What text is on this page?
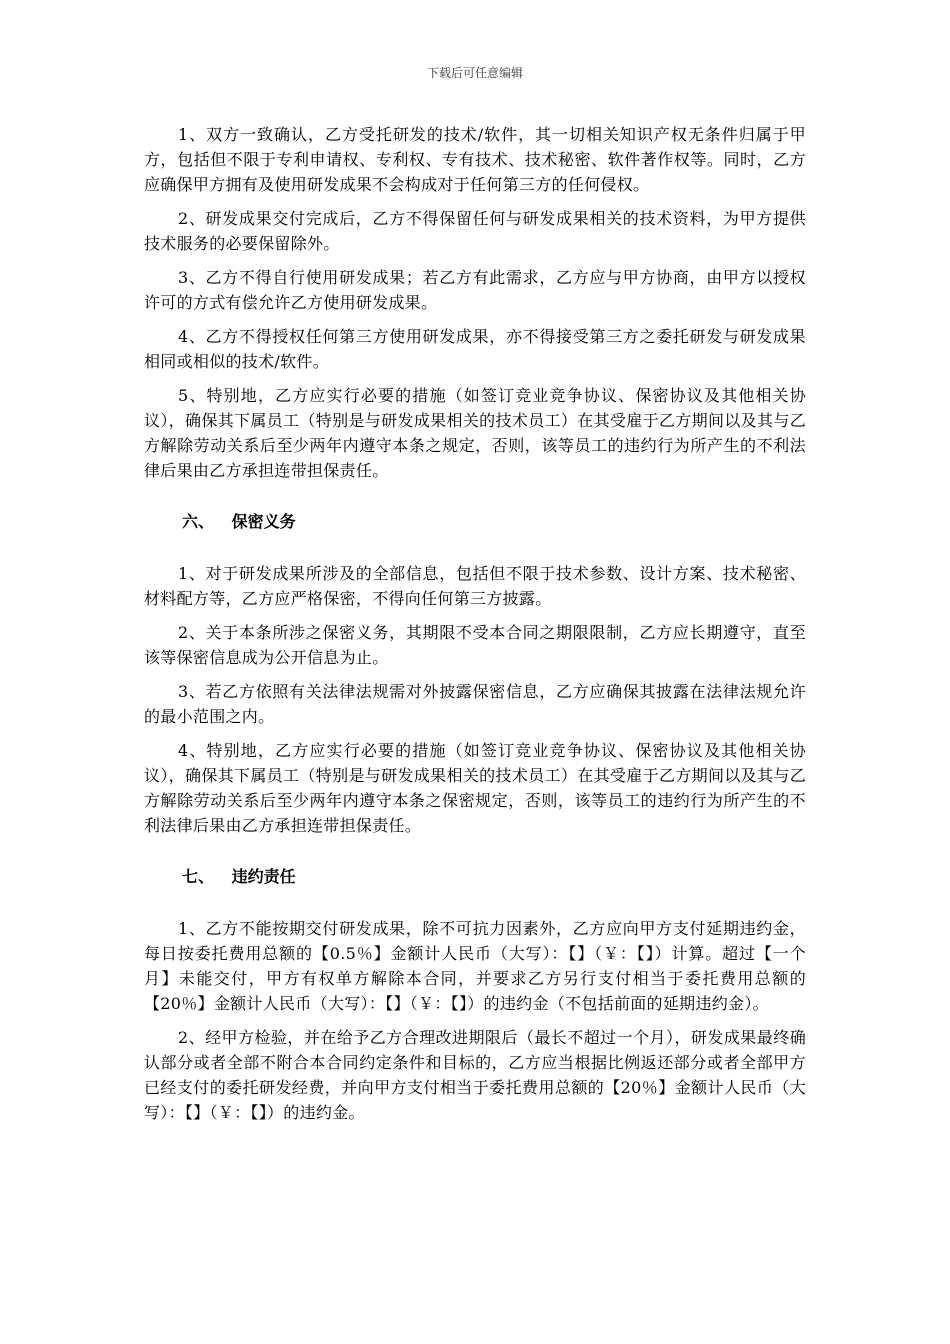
下载后可任意编辑

1、双方一致确认，乙方受托研发的技术/软件，其一切相关知识产权无条件归属于甲方，包括但不限于专利申请权、专利权、专有技术、技术秘密、软件著作权等。同时，乙方应确保甲方拥有及使用研发成果不会构成对于任何第三方的任何侵权。

2、研发成果交付完成后，乙方不得保留任何与研发成果相关的技术资料，为甲方提供技术服务的必要保留除外。

3、乙方不得自行使用研发成果；若乙方有此需求，乙方应与甲方协商，由甲方以授权许可的方式有偿允许乙方使用研发成果。

4、乙方不得授权任何第三方使用研发成果，亦不得接受第三方之委托研发与研发成果相同或相似的技术/软件。

5、特别地，乙方应实行必要的措施（如签订竞业竞争协议、保密协议及其他相关协议），确保其下属员工（特别是与研发成果相关的技术员工）在其受雇于乙方期间以及其与乙方解除劳动关系后至少两年内遵守本条之规定，否则，该等员工的违约行为所产生的不利法律后果由乙方承担连带担保责任。

六、 保密义务

1、对于研发成果所涉及的全部信息，包括但不限于技术参数、设计方案、技术秘密、材料配方等，乙方应严格保密，不得向任何第三方披露。

2、关于本条所涉之保密义务，其期限不受本合同之期限限制，乙方应长期遵守，直至该等保密信息成为公开信息为止。

3、若乙方依照有关法律法规需对外披露保密信息，乙方应确保其披露在法律法规允许的最小范围之内。

4、特别地，乙方应实行必要的措施（如签订竞业竞争协议、保密协议及其他相关协议），确保其下属员工（特别是与研发成果相关的技术员工）在其受雇于乙方期间以及其与乙方解除劳动关系后至少两年内遵守本条之保密规定，否则，该等员工的违约行为所产生的不利法律后果由乙方承担连带担保责任。

七、 违约责任

1、乙方不能按期交付研发成果，除不可抗力因素外，乙方应向甲方支付延期违约金，每日按委托费用总额的【0.5％】金额计人民币（大写）：【】（￥：【】）计算。超过【一个月】未能交付，甲方有权单方解除本合同，并要求乙方另行支付相当于委托费用总额的【20％】金额计人民币（大写）：【】（￥：【】）的违约金（不包括前面的延期违约金）。

2、经甲方检验，并在给予乙方合理改进期限后（最长不超过一个月），研发成果最终确认部分或者全部不附合本合同约定条件和目标的，乙方应当根据比例返还部分或者全部甲方已经支付的委托研发经费，并向甲方支付相当于委托费用总额的【20％】金额计人民币（大写）：【】（￥：【】）的违约金。
